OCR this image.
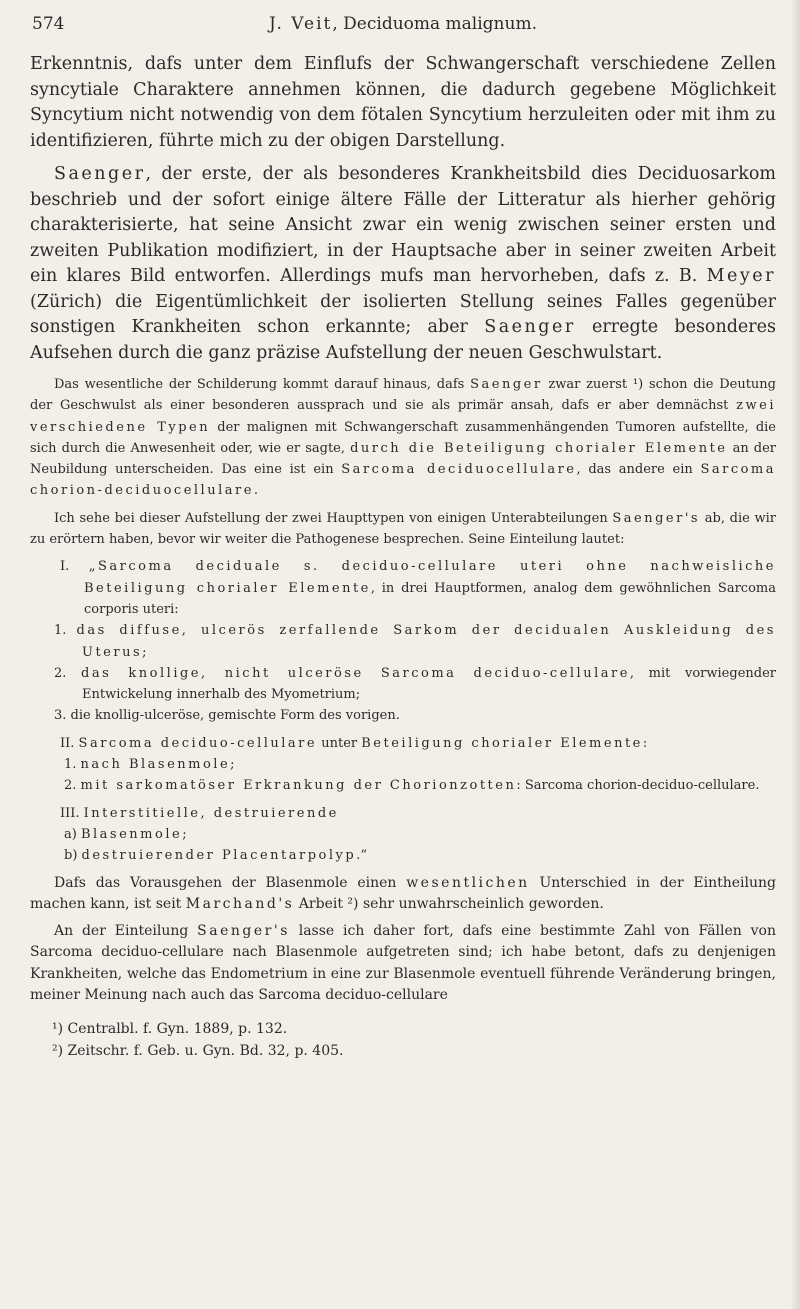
574	J. Veit, Deciduoma malignum.

Erkenntnis, dafs unter dem Einflufs der Schwangerschaft verschiedene Zellen syncytiale Charaktere annehmen können, die dadurch gegebene Möglichkeit Syncytium nicht notwendig von dem fötalen Syncytium herzuleiten oder mit ihm zu identifizieren, führte mich zu der obigen Darstellung.

Saenger, der erste, der als besonderes Krankheitsbild dies Deciduosarkom beschrieb und der sofort einige ältere Fälle der Litteratur als hierher gehörig charakterisierte, hat seine Ansicht zwar ein wenig zwischen seiner ersten und zweiten Publikation modifiziert, in der Hauptsache aber in seiner zweiten Arbeit ein klares Bild entworfen. Allerdings mufs man hervorheben, dafs z. B. Meyer (Zürich) die Eigentümlichkeit der isolierten Stellung seines Falles gegenüber sonstigen Krankheiten schon erkannte; aber Saenger erregte besonderes Aufsehen durch die ganz präzise Aufstellung der neuen Geschwulstart.

Das wesentliche der Schilderung kommt darauf hinaus, dafs Saenger zwar zuerst ¹) schon die Deutung der Geschwulst als einer besonderen aussprach und sie als primär ansah, dafs er aber demnächst zwei verschiedene Typen der malignen mit Schwangerschaft zusammenhängenden Tumoren aufstellte, die sich durch die Anwesenheit oder, wie er sagte, durch die Beteiligung chorialer Elemente an der Neubildung unterscheiden. Das eine ist ein Sarcoma deciduocellulare, das andere ein Sarcoma chorion-deciduocellulare.

Ich sehe bei dieser Aufstellung der zwei Haupttypen von einigen Unterabteilungen Saenger's ab, die wir zu erörtern haben, bevor wir weiter die Pathogenese besprechen. Seine Einteilung lautet:

I. „Sarcoma deciduale s. deciduo-cellulare uteri ohne nachweisliche Beteiligung chorialer Elemente, in drei Hauptformen, analog dem gewöhnlichen Sarcoma corporis uteri:

1. das diffuse, ulcerös zerfallende Sarkom der decidualen Auskleidung des Uterus;

2. das knollige, nicht ulceröse Sarcoma deciduo-cellulare, mit vorwiegender Entwickelung innerhalb des Myometrium;

3. die knollig-ulceröse, gemischte Form des vorigen.

II. Sarcoma deciduo-cellulare unter Beteiligung chorialer Elemente:

1. nach Blasenmole;

2. mit sarkomatöser Erkrankung der Chorionzotten: Sarcoma chorion-deciduo-cellulare.

III. Interstitielle, destruierende

a) Blasenmole;

b) destruierender Placentarpolyp.“

Dafs das Vorausgehen der Blasenmole einen wesentlichen Unterschied in der Eintheilung machen kann, ist seit Marchand's Arbeit ²) sehr unwahrscheinlich geworden.

An der Einteilung Saenger's lasse ich daher fort, dafs eine bestimmte Zahl von Fällen von Sarcoma deciduo-cellulare nach Blasenmole aufgetreten sind; ich habe betont, dafs zu denjenigen Krankheiten, welche das Endometrium in eine zur Blasenmole eventuell führende Veränderung bringen, meiner Meinung nach auch das Sarcoma deciduo-cellulare

¹) Centralbl. f. Gyn. 1889, p. 132.

²) Zeitschr. f. Geb. u. Gyn. Bd. 32, p. 405.
